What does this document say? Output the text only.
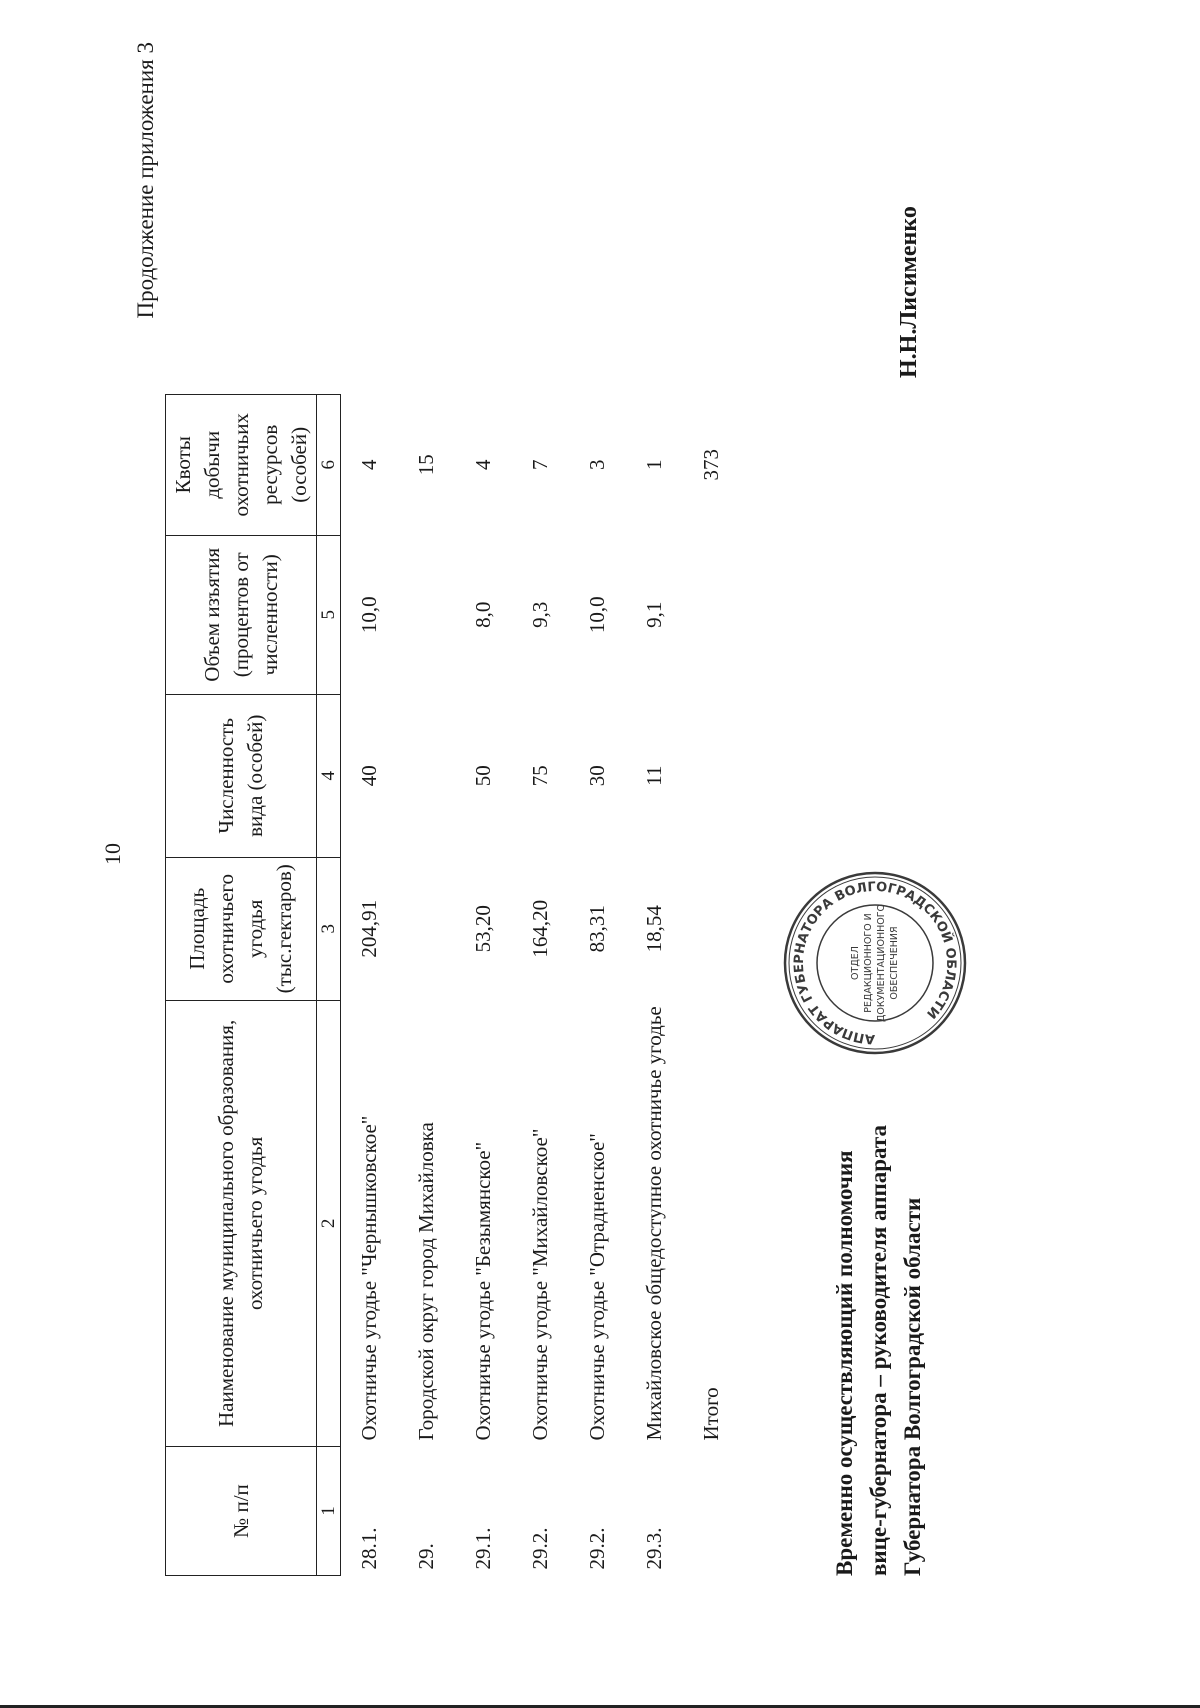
10
Продолжение приложения 3
№ п/п	Наименование муниципального образования, охотничьего угодья	Площадь охотничьего угодья (тыс.гектаров)	Численность вида (особей)	Объем изъятия (процентов от численности)	Квоты добычи охотничьих ресурсов (особей)
1	2	3	4	5	6
28.1.	Охотничье угодье "Чернышковское"	204,91	40	10,0	4
29.	Городской округ город Михайловка				15
29.1.	Охотничье угодье "Безымянское"	53,20	50	8,0	4
29.2.	Охотничье угодье "Михайловское"	164,20	75	9,3	7
29.2.	Охотничье угодье "Отрадненское"	83,31	30	10,0	3
29.3.	Михайловское общедоступное охотничье угодье	18,54	11	9,1	1
	Итого				373
АППАРАТ ГУБЕРНАТОРА ВОЛГОГРАДСКОЙ ОБЛАСТИ
ОТДЕЛ РЕДАКЦИОННОГО И ДОКУМЕНТАЦИОННОГО ОБЕСПЕЧЕНИЯ
Временно осуществляющий полномочия вице-губернатора – руководителя аппарата Губернатора Волгоградской области
Н.Н.Лисименко
